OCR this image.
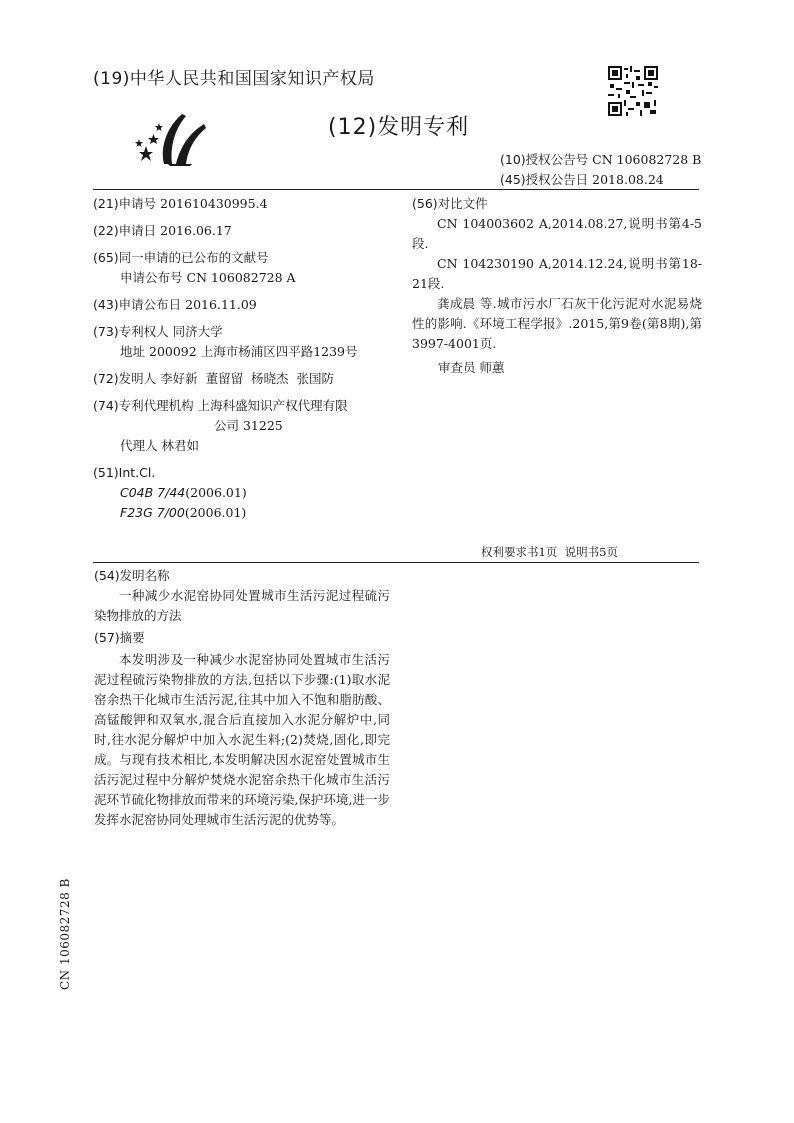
(19)中华人民共和国国家知识产权局
(12)发明专利
(10)授权公告号 CN 106082728 B
(45)授权公告日 2018.08.24
(21)申请号 201610430995.4
(22)申请日 2016.06.17
(65)同一申请的已公布的文献号
申请公布号 CN 106082728 A
(43)申请公布日 2016.11.09
(73)专利权人 同济大学
地址 200092 上海市杨浦区四平路1239号
(72)发明人 李好新  董留留  杨晓杰  张国防
(74)专利代理机构 上海科盛知识产权代理有限
公司 31225
代理人 林君如
(51)Int.Cl.
C04B 7/44(2006.01)
F23G 7/00(2006.01)
(56)对比文件

CN 104003602 A,2014.08.27,说明书第4-5段.

CN 104230190 A,2014.12.24,说明书第18-21段.

龚成晨 等.城市污水厂石灰干化污泥对水泥易烧性的影响.《环境工程学报》.2015,第9卷(第8期),第3997-4001页.

审查员 师蕙
权利要求书1页  说明书5页
(54)发明名称

一种减少水泥窑协同处置城市生活污泥过程硫污染物排放的方法

(57)摘要

本发明涉及一种减少水泥窑协同处置城市生活污泥过程硫污染物排放的方法,包括以下步骤:(1)取水泥窑余热干化城市生活污泥,往其中加入不饱和脂肪酸、高锰酸钾和双氧水,混合后直接加入水泥分解炉中,同时,往水泥分解炉中加入水泥生料;(2)焚烧,固化,即完成。与现有技术相比,本发明解决因水泥窑处置城市生活污泥过程中分解炉焚烧水泥窑余热干化城市生活污泥环节硫化物排放而带来的环境污染,保护环境,进一步发挥水泥窑协同处理城市生活污泥的优势等。

CN 106082728 B
